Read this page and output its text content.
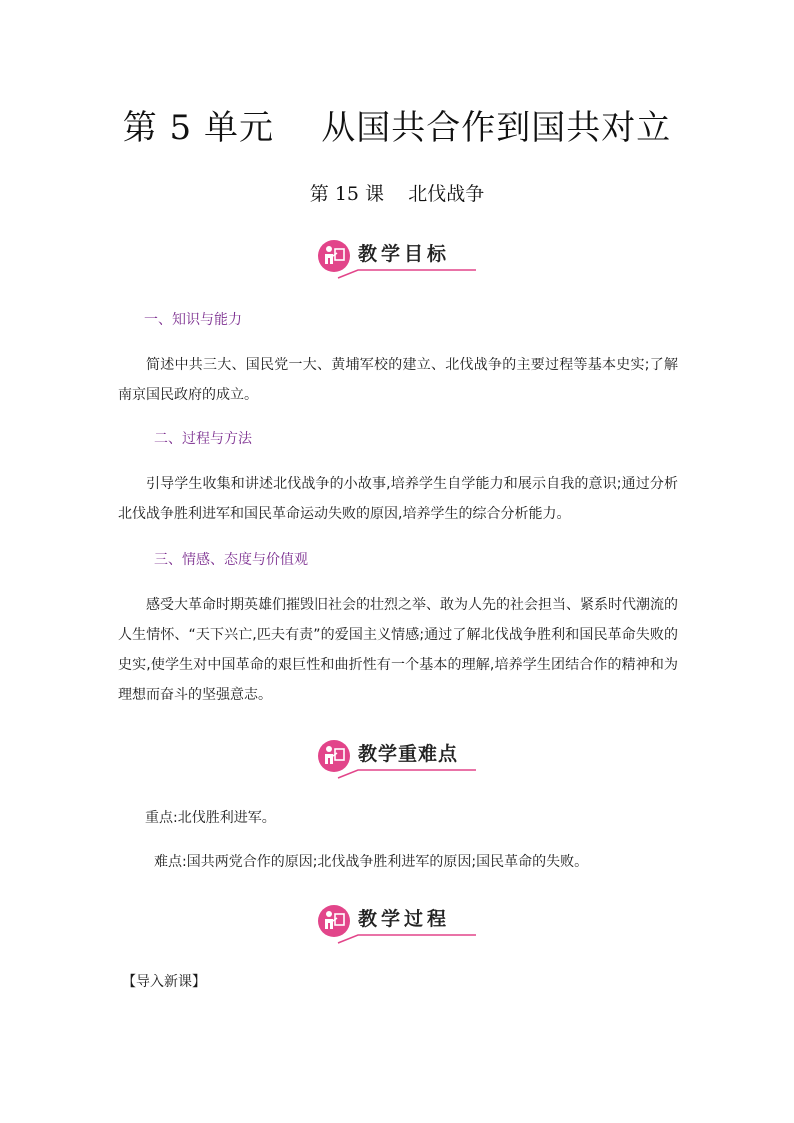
第 5 单元    从国共合作到国共对立
第 15 课    北伐战争
教学目标
一、知识与能力
简述中共三大、国民党一大、黄埔军校的建立、北伐战争的主要过程等基本史实;了解南京国民政府的成立。
二、过程与方法
引导学生收集和讲述北伐战争的小故事,培养学生自学能力和展示自我的意识;通过分析北伐战争胜利进军和国民革命运动失败的原因,培养学生的综合分析能力。
三、情感、态度与价值观
感受大革命时期英雄们摧毁旧社会的壮烈之举、敢为人先的社会担当、紧系时代潮流的人生情怀、“天下兴亡,匹夫有责”的爱国主义情感;通过了解北伐战争胜利和国民革命失败的史实,使学生对中国革命的艰巨性和曲折性有一个基本的理解,培养学生团结合作的精神和为理想而奋斗的坚强意志。
教学重难点
重点:北伐胜利进军。
难点:国共两党合作的原因;北伐战争胜利进军的原因;国民革命的失败。
教学过程
【导入新课】
